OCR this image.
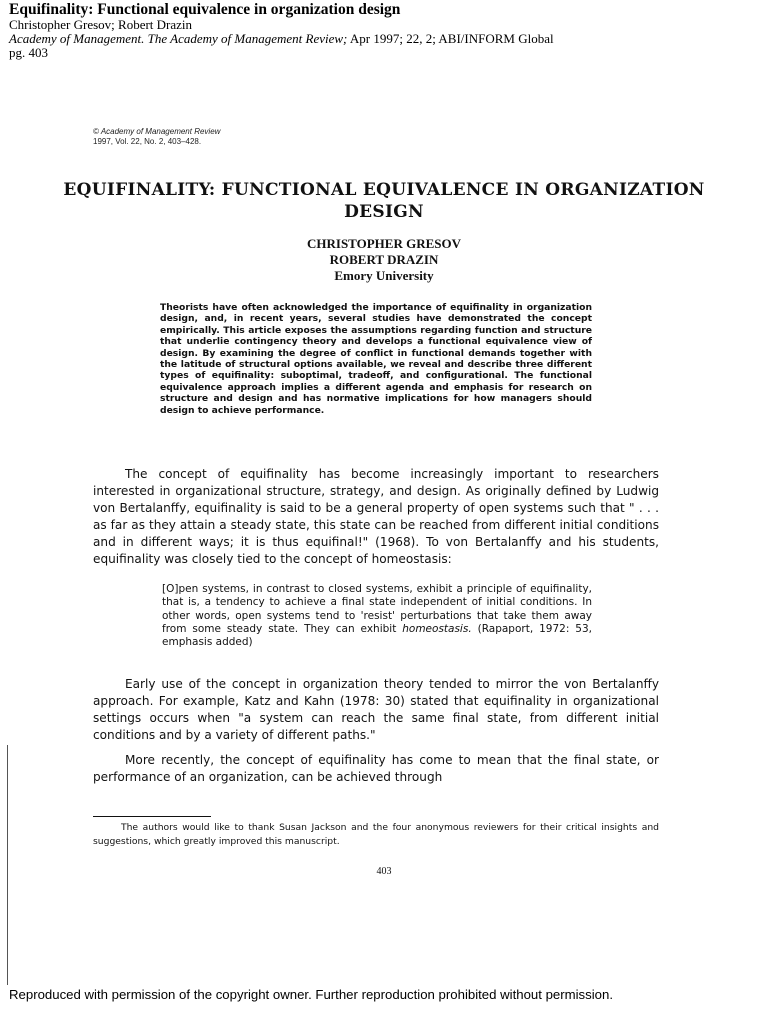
Equifinality: Functional equivalence in organization design
Christopher Gresov; Robert Drazin
Academy of Management. The Academy of Management Review; Apr 1997; 22, 2; ABI/INFORM Global
pg. 403
© Academy of Management Review
1997, Vol. 22, No. 2, 403–428.
EQUIFINALITY: FUNCTIONAL EQUIVALENCE IN ORGANIZATION DESIGN
CHRISTOPHER GRESOV
ROBERT DRAZIN
Emory University
Theorists have often acknowledged the importance of equifinality in organization design, and, in recent years, several studies have demonstrated the concept empirically. This article exposes the assumptions regarding function and structure that underlie contingency theory and develops a functional equivalence view of design. By examining the degree of conflict in functional demands together with the latitude of structural options available, we reveal and describe three different types of equifinality: suboptimal, tradeoff, and configurational. The functional equivalence approach implies a different agenda and emphasis for research on structure and design and has normative implications for how managers should design to achieve performance.
The concept of equifinality has become increasingly important to researchers interested in organizational structure, strategy, and design. As originally defined by Ludwig von Bertalanffy, equifinality is said to be a general property of open systems such that " . . . as far as they attain a steady state, this state can be reached from different initial conditions and in different ways; it is thus equifinal!" (1968). To von Bertalanffy and his students, equifinality was closely tied to the concept of homeostasis:
[O]pen systems, in contrast to closed systems, exhibit a principle of equifinality, that is, a tendency to achieve a final state independent of initial conditions. In other words, open systems tend to 'resist' perturbations that take them away from some steady state. They can exhibit homeostasis. (Rapaport, 1972: 53, emphasis added)
Early use of the concept in organization theory tended to mirror the von Bertalanffy approach. For example, Katz and Kahn (1978: 30) stated that equifinality in organizational settings occurs when "a system can reach the same final state, from different initial conditions and by a variety of different paths."
More recently, the concept of equifinality has come to mean that the final state, or performance of an organization, can be achieved through
The authors would like to thank Susan Jackson and the four anonymous reviewers for their critical insights and suggestions, which greatly improved this manuscript.
403
Reproduced with permission of the copyright owner. Further reproduction prohibited without permission.
